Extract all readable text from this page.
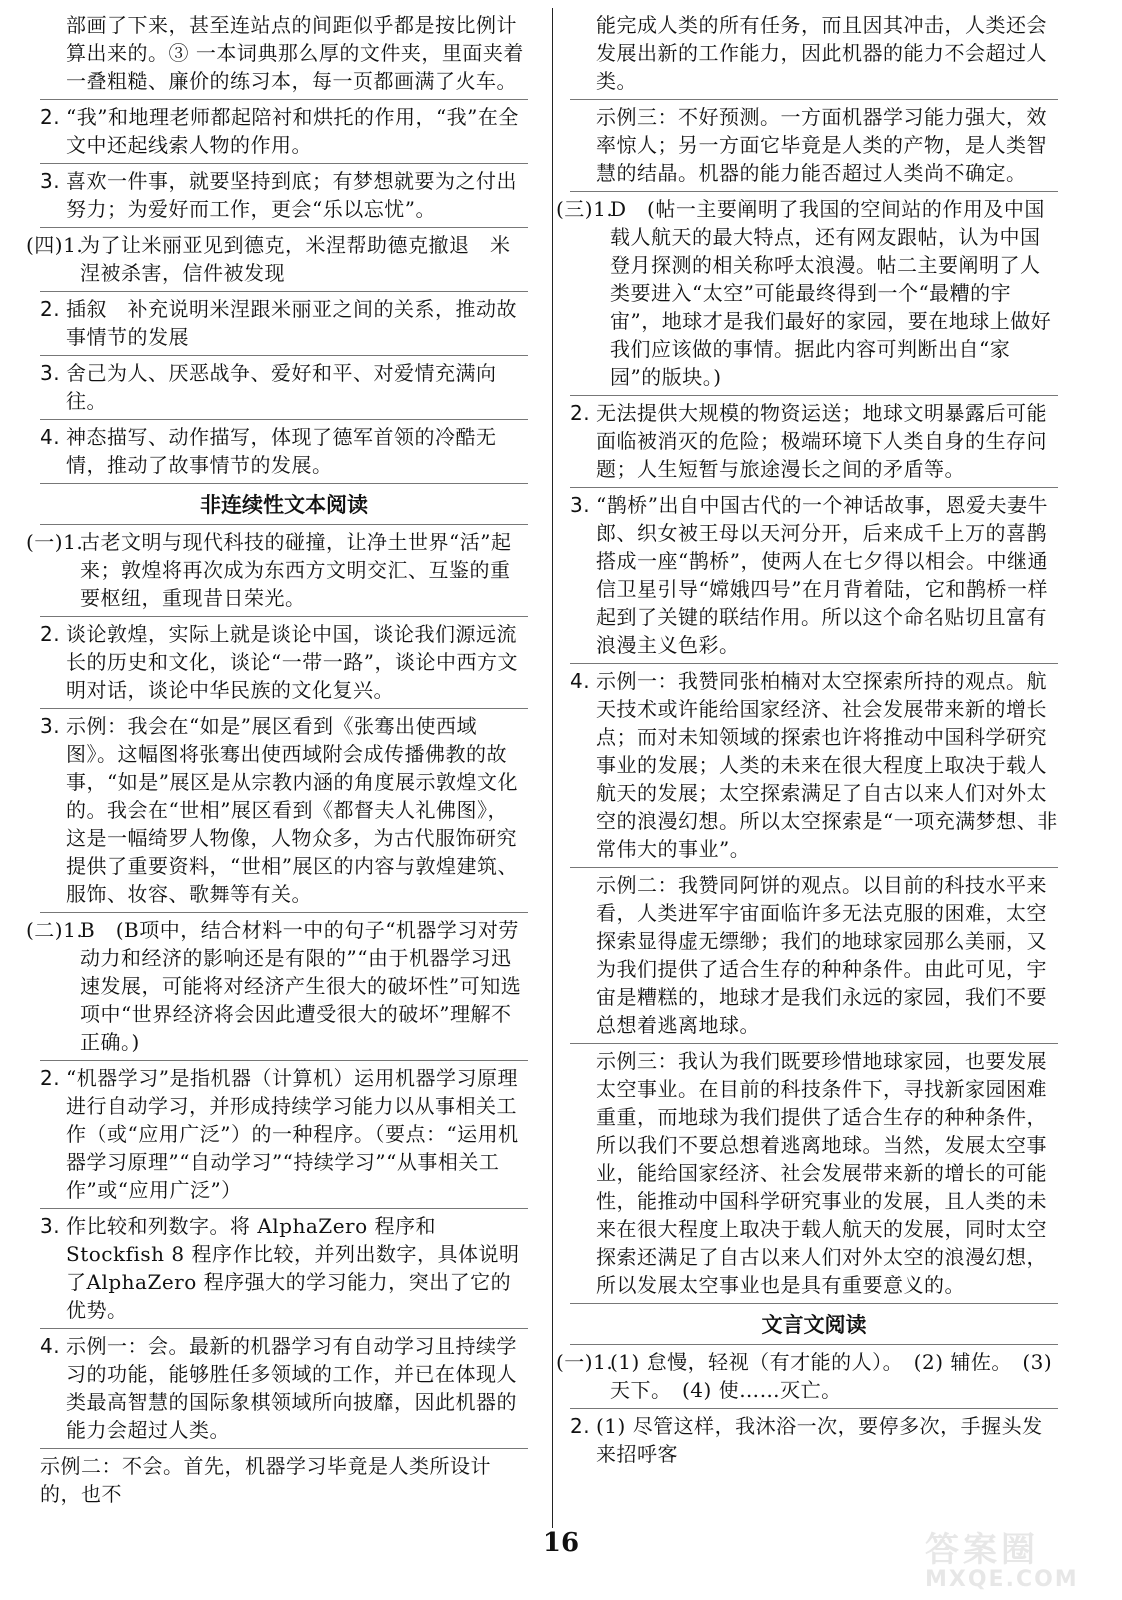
部画了下来，甚至连站点的间距似乎都是按比例计算出来的。③ 一本词典那么厚的文件夹，里面夹着一叠粗糙、廉价的练习本，每一页都画满了火车。
2. “我”和地理老师都起陪衬和烘托的作用，“我”在全文中还起线索人物的作用。
3. 喜欢一件事，就要坚持到底；有梦想就要为之付出努力；为爱好而工作，更会“乐以忘忧”。
(四)1.
为了让米丽亚见到德克，米涅帮助德克撤退　米涅被杀害，信件被发现
2. 插叙　补充说明米涅跟米丽亚之间的关系，推动故事情节的发展
3. 舍己为人、厌恶战争、爱好和平、对爱情充满向往。
4. 神态描写、动作描写，体现了德军首领的冷酷无情，推动了故事情节的发展。
非连续性文本阅读
(一)1.
古老文明与现代科技的碰撞，让净土世界“活”起来；敦煌将再次成为东西方文明交汇、互鉴的重要枢纽，重现昔日荣光。
2. 谈论敦煌，实际上就是谈论中国，谈论我们源远流长的历史和文化，谈论“一带一路”，谈论中西方文明对话，谈论中华民族的文化复兴。
3. 示例：我会在“如是”展区看到《张骞出使西域图》。这幅图将张骞出使西域附会成传播佛教的故事，“如是”展区是从宗教内涵的角度展示敦煌文化的。我会在“世相”展区看到《都督夫人礼佛图》，这是一幅绮罗人物像，人物众多，为古代服饰研究提供了重要资料，“世相”展区的内容与敦煌建筑、服饰、妆容、歌舞等有关。
(二)1.
B　(B项中，结合材料一中的句子“机器学习对劳动力和经济的影响还是有限的”“由于机器学习迅速发展，可能将对经济产生很大的破坏性”可知选项中“世界经济将会因此遭受很大的破坏”理解不正确。)
2. “机器学习”是指机器（计算机）运用机器学习原理进行自动学习，并形成持续学习能力以从事相关工作（或“应用广泛”）的一种程序。（要点：“运用机器学习原理”“自动学习”“持续学习”“从事相关工作”或“应用广泛”）
3. 作比较和列数字。将 AlphaZero 程序和 Stockfish 8 程序作比较，并列出数字，具体说明了AlphaZero 程序强大的学习能力，突出了它的优势。
4. 示例一：会。最新的机器学习有自动学习且持续学习的功能，能够胜任多领域的工作，并已在体现人类最高智慧的国际象棋领域所向披靡，因此机器的能力会超过人类。
示例二：不会。首先，机器学习毕竟是人类所设计的，也不
能完成人类的所有任务，而且因其冲击，人类还会发展出新的工作能力，因此机器的能力不会超过人类。
示例三：不好预测。一方面机器学习能力强大，效率惊人；另一方面它毕竟是人类的产物，是人类智慧的结晶。机器的能力能否超过人类尚不确定。
(三)1.
D　(帖一主要阐明了我国的空间站的作用及中国载人航天的最大特点，还有网友跟帖，认为中国登月探测的相关称呼太浪漫。帖二主要阐明了人类要进入“太空”可能最终得到一个“最糟的宇宙”，地球才是我们最好的家园，要在地球上做好我们应该做的事情。据此内容可判断出自“家园”的版块。)
2. 无法提供大规模的物资运送；地球文明暴露后可能面临被消灭的危险；极端环境下人类自身的生存问题；人生短暂与旅途漫长之间的矛盾等。
3. “鹊桥”出自中国古代的一个神话故事，恩爱夫妻牛郎、织女被王母以天河分开，后来成千上万的喜鹊搭成一座“鹊桥”，使两人在七夕得以相会。中继通信卫星引导“嫦娥四号”在月背着陆，它和鹊桥一样起到了关键的联结作用。所以这个命名贴切且富有浪漫主义色彩。
4. 示例一：我赞同张柏楠对太空探索所持的观点。航天技术或许能给国家经济、社会发展带来新的增长点；而对未知领域的探索也许将推动中国科学研究事业的发展；人类的未来在很大程度上取决于载人航天的发展；太空探索满足了自古以来人们对外太空的浪漫幻想。所以太空探索是“一项充满梦想、非常伟大的事业”。
示例二：我赞同阿饼的观点。以目前的科技水平来看，人类进军宇宙面临许多无法克服的困难，太空探索显得虚无缥缈；我们的地球家园那么美丽，又为我们提供了适合生存的种种条件。由此可见，宇宙是糟糕的，地球才是我们永远的家园，我们不要总想着逃离地球。
示例三：我认为我们既要珍惜地球家园，也要发展太空事业。在目前的科技条件下，寻找新家园困难重重，而地球为我们提供了适合生存的种种条件，所以我们不要总想着逃离地球。当然，发展太空事业，能给国家经济、社会发展带来新的增长的可能性，能推动中国科学研究事业的发展，且人类的未来在很大程度上取决于载人航天的发展，同时太空探索还满足了自古以来人们对外太空的浪漫幻想，所以发展太空事业也是具有重要意义的。
文言文阅读
(一)1.
(1) 怠慢，轻视（有才能的人）。　(2) 辅佐。　(3) 天下。　(4) 使……灭亡。
2. (1) 尽管这样，我沐浴一次，要停多次，手握头发来招呼客
16	答案圈
MXQE.COM
